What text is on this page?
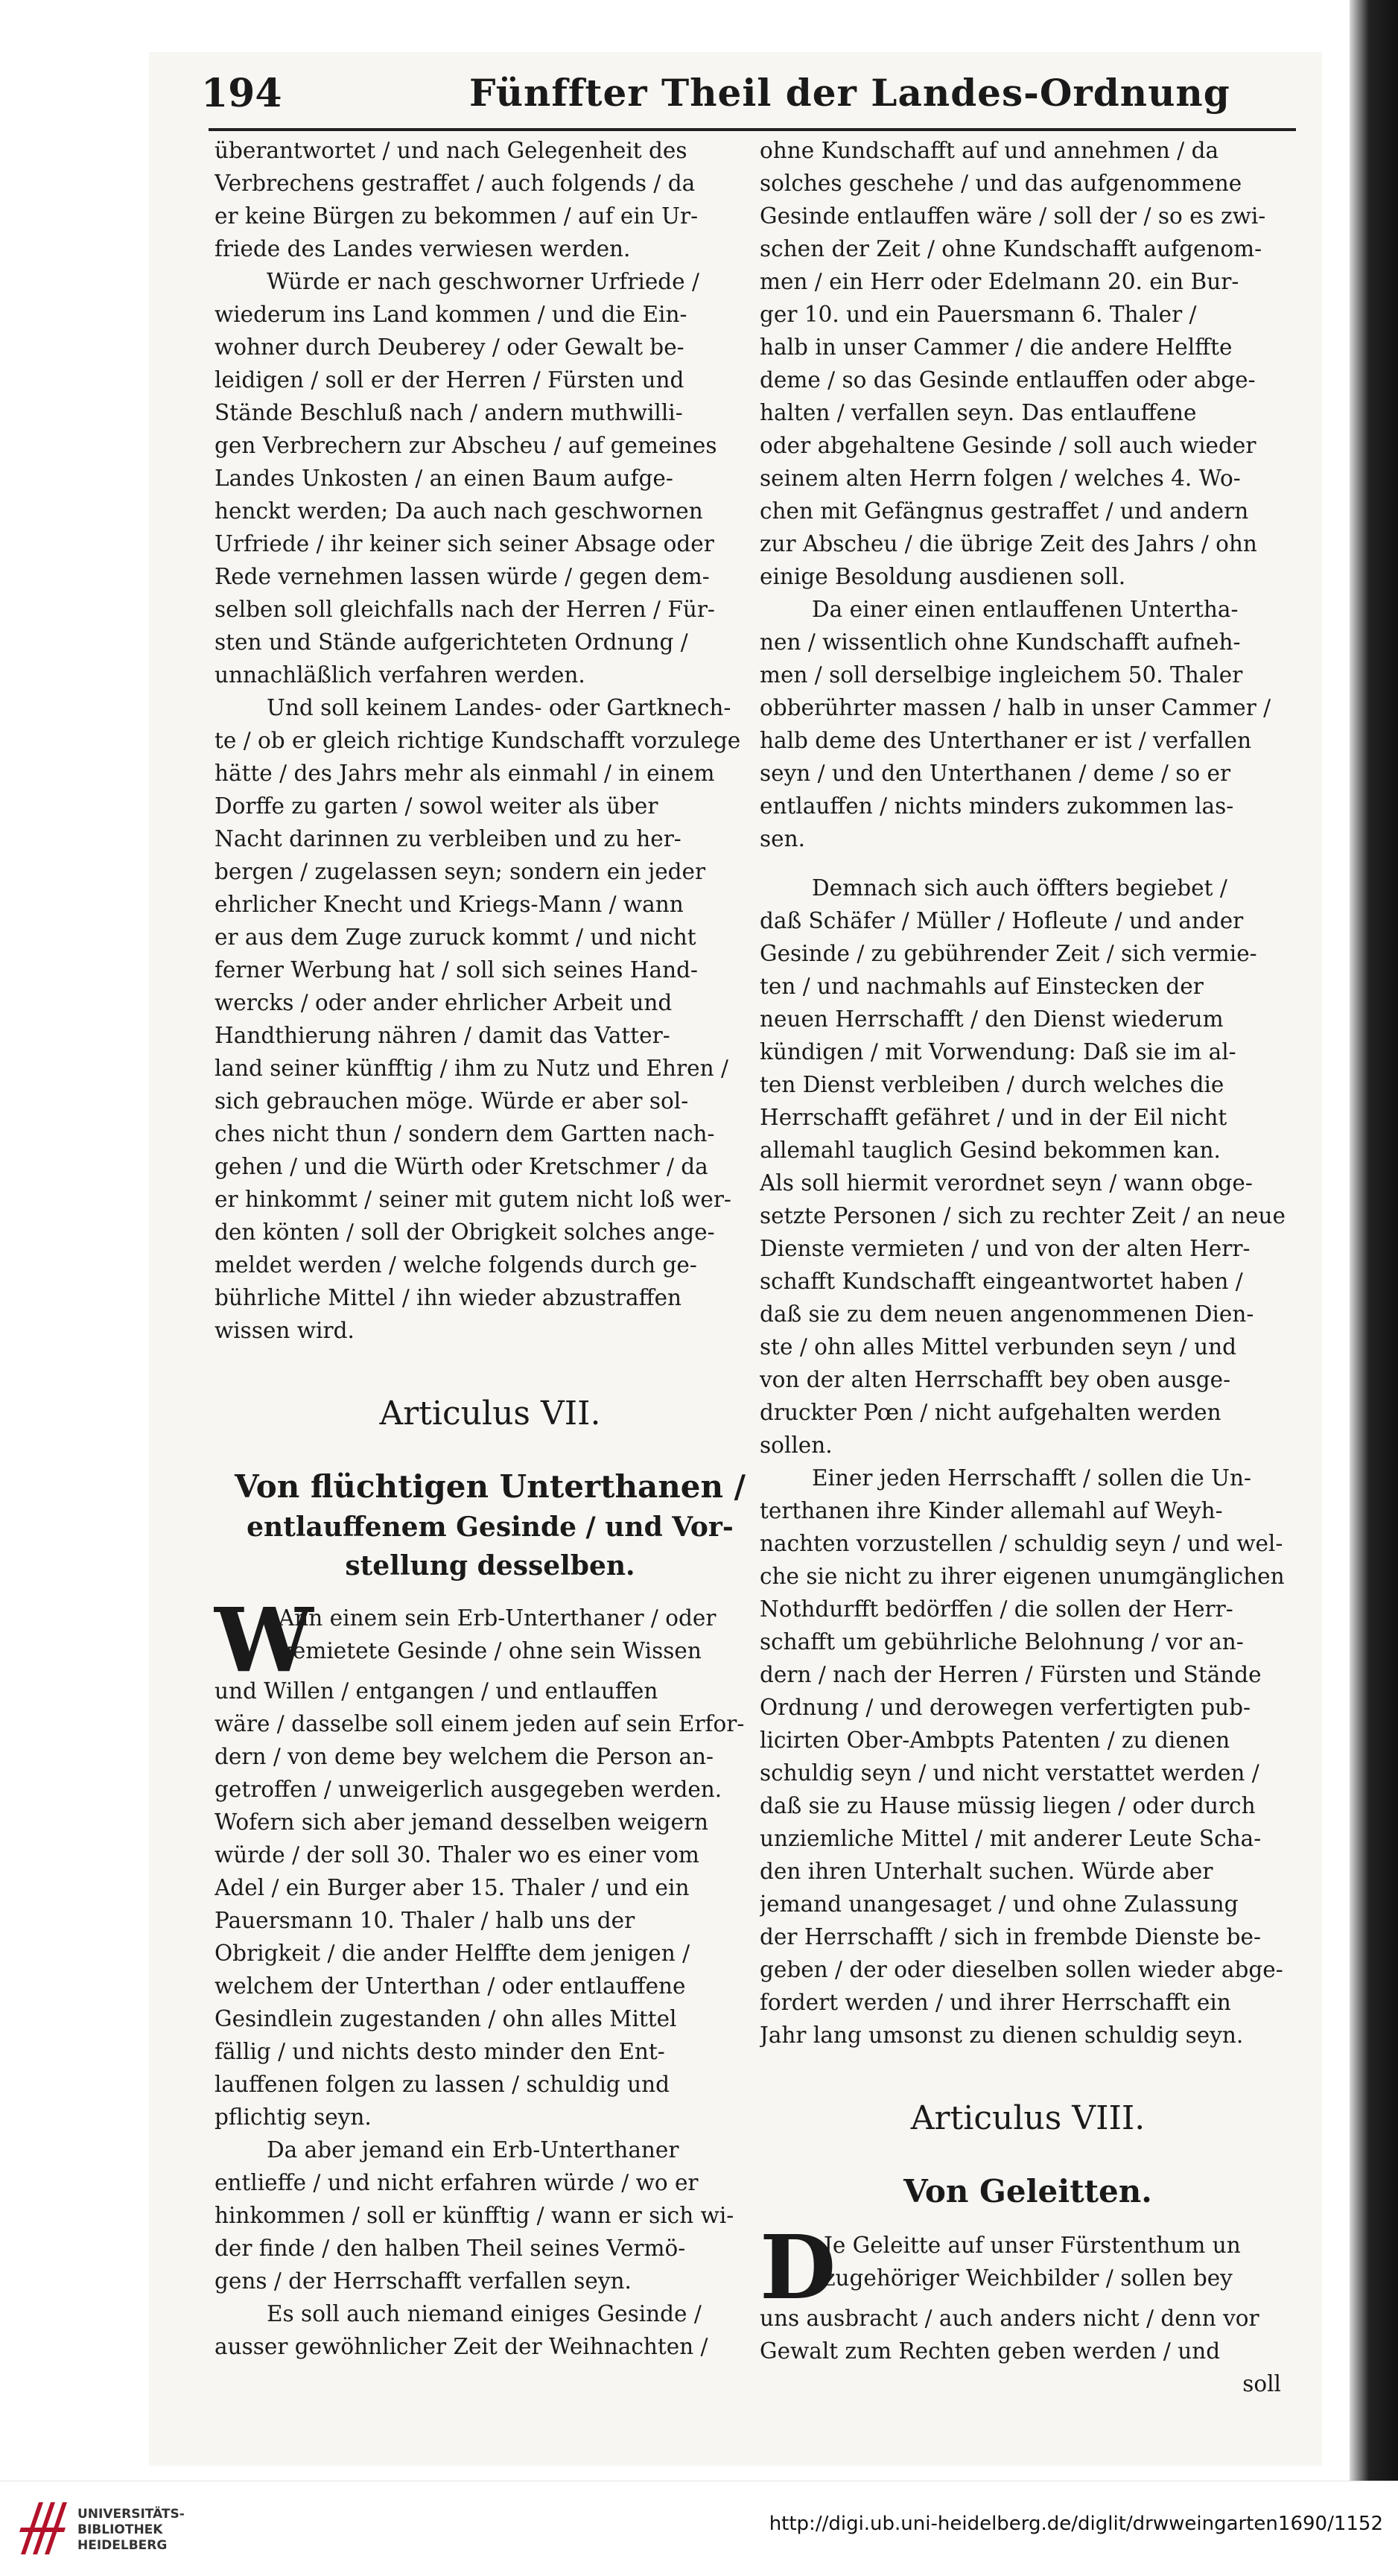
194	Fünffter Theil der Landes-Ordnung
überantwortet / und nach Gelegenheit des
Verbrechens gestraffet / auch folgends / da
er keine Bürgen zu bekommen / auf ein Ur-
friede des Landes verwiesen werden.
Würde er nach geschworner Urfriede /
wiederum ins Land kommen / und die Ein-
wohner durch Deuberey / oder Gewalt be-
leidigen / soll er der Herren / Fürsten und
Stände Beschluß nach / andern muthwilli-
gen Verbrechern zur Abscheu / auf gemeines
Landes Unkosten / an einen Baum aufge-
henckt werden; Da auch nach geschwornen
Urfriede / ihr keiner sich seiner Absage oder
Rede vernehmen lassen würde / gegen dem-
selben soll gleichfalls nach der Herren / Für-
sten und Stände aufgerichteten Ordnung /
unnachläßlich verfahren werden.
Und soll keinem Landes- oder Gartknech-
te / ob er gleich richtige Kundschafft vorzulege
hätte / des Jahrs mehr als einmahl / in einem
Dorffe zu garten / sowol weiter als über
Nacht darinnen zu verbleiben und zu her-
bergen / zugelassen seyn; sondern ein jeder
ehrlicher Knecht und Kriegs-Mann / wann
er aus dem Zuge zuruck kommt / und nicht
ferner Werbung hat / soll sich seines Hand-
wercks / oder ander ehrlicher Arbeit und
Handthierung nähren / damit das Vatter-
land seiner künfftig / ihm zu Nutz und Ehren /
sich gebrauchen möge. Würde er aber sol-
ches nicht thun / sondern dem Gartten nach-
gehen / und die Würth oder Kretschmer / da
er hinkommt / seiner mit gutem nicht loß wer-
den könten / soll der Obrigkeit solches ange-
meldet werden / welche folgends durch ge-
bührliche Mittel / ihn wieder abzustraffen
wissen wird.
Articulus VII.
Von flüchtigen Unterthanen /
entlauffenem Gesinde / und Vor-
stellung desselben.
W
Ann einem sein Erb-Unterthaner / oder
gemietete Gesinde / ohne sein Wissen
und Willen / entgangen / und entlauffen
wäre / dasselbe soll einem jeden auf sein Erfor-
dern / von deme bey welchem die Person an-
getroffen / unweigerlich ausgegeben werden.
Wofern sich aber jemand desselben weigern
würde / der soll 30. Thaler wo es einer vom
Adel / ein Burger aber 15. Thaler / und ein
Pauersmann 10. Thaler / halb uns der
Obrigkeit / die ander Helffte dem jenigen /
welchem der Unterthan / oder entlauffene
Gesindlein zugestanden / ohn alles Mittel
fällig / und nichts desto minder den Ent-
lauffenen folgen zu lassen / schuldig und
pflichtig seyn.
Da aber jemand ein Erb-Unterthaner
entlieffe / und nicht erfahren würde / wo er
hinkommen / soll er künfftig / wann er sich wi-
der finde / den halben Theil seines Vermö-
gens / der Herrschafft verfallen seyn.
Es soll auch niemand einiges Gesinde /
ausser gewöhnlicher Zeit der Weihnachten /
ohne Kundschafft auf und annehmen / da
solches geschehe / und das aufgenommene
Gesinde entlauffen wäre / soll der / so es zwi-
schen der Zeit / ohne Kundschafft aufgenom-
men / ein Herr oder Edelmann 20. ein Bur-
ger 10. und ein Pauersmann 6. Thaler /
halb in unser Cammer / die andere Helffte
deme / so das Gesinde entlauffen oder abge-
halten / verfallen seyn. Das entlauffene
oder abgehaltene Gesinde / soll auch wieder
seinem alten Herrn folgen / welches 4. Wo-
chen mit Gefängnus gestraffet / und andern
zur Abscheu / die übrige Zeit des Jahrs / ohn
einige Besoldung ausdienen soll.
Da einer einen entlauffenen Untertha-
nen / wissentlich ohne Kundschafft aufneh-
men / soll derselbige ingleichem 50. Thaler
obberührter massen / halb in unser Cammer /
halb deme des Unterthaner er ist / verfallen
seyn / und den Unterthanen / deme / so er
entlauffen / nichts minders zukommen las-
sen.
Demnach sich auch öffters begiebet /
daß Schäfer / Müller / Hofleute / und ander
Gesinde / zu gebührender Zeit / sich vermie-
ten / und nachmahls auf Einstecken der
neuen Herrschafft / den Dienst wiederum
kündigen / mit Vorwendung: Daß sie im al-
ten Dienst verbleiben / durch welches die
Herrschafft gefähret / und in der Eil nicht
allemahl tauglich Gesind bekommen kan.
Als soll hiermit verordnet seyn / wann obge-
setzte Personen / sich zu rechter Zeit / an neue
Dienste vermieten / und von der alten Herr-
schafft Kundschafft eingeantwortet haben /
daß sie zu dem neuen angenommenen Dien-
ste / ohn alles Mittel verbunden seyn / und
von der alten Herrschafft bey oben ausge-
druckter Pœn / nicht aufgehalten werden
sollen.
Einer jeden Herrschafft / sollen die Un-
terthanen ihre Kinder allemahl auf Weyh-
nachten vorzustellen / schuldig seyn / und wel-
che sie nicht zu ihrer eigenen unumgänglichen
Nothdurfft bedörffen / die sollen der Herr-
schafft um gebührliche Belohnung / vor an-
dern / nach der Herren / Fürsten und Stände
Ordnung / und derowegen verfertigten pub-
licirten Ober-Ambpts Patenten / zu dienen
schuldig seyn / und nicht verstattet werden /
daß sie zu Hause müssig liegen / oder durch
unziemliche Mittel / mit anderer Leute Scha-
den ihren Unterhalt suchen. Würde aber
jemand unangesaget / und ohne Zulassung
der Herrschafft / sich in frembde Dienste be-
geben / der oder dieselben sollen wieder abge-
fordert werden / und ihrer Herrschafft ein
Jahr lang umsonst zu dienen schuldig seyn.
Articulus VIII.
Von Geleitten.
D
Je Geleitte auf unser Fürstenthum un
zugehöriger Weichbilder / sollen bey
uns ausbracht / auch anders nicht / denn vor
Gewalt zum Rechten geben werden / und
soll
UNIVERSITÄTS-
BIBLIOTHEK
HEIDELBERG
http://digi.ub.uni-heidelberg.de/diglit/drwweingarten1690/1152
